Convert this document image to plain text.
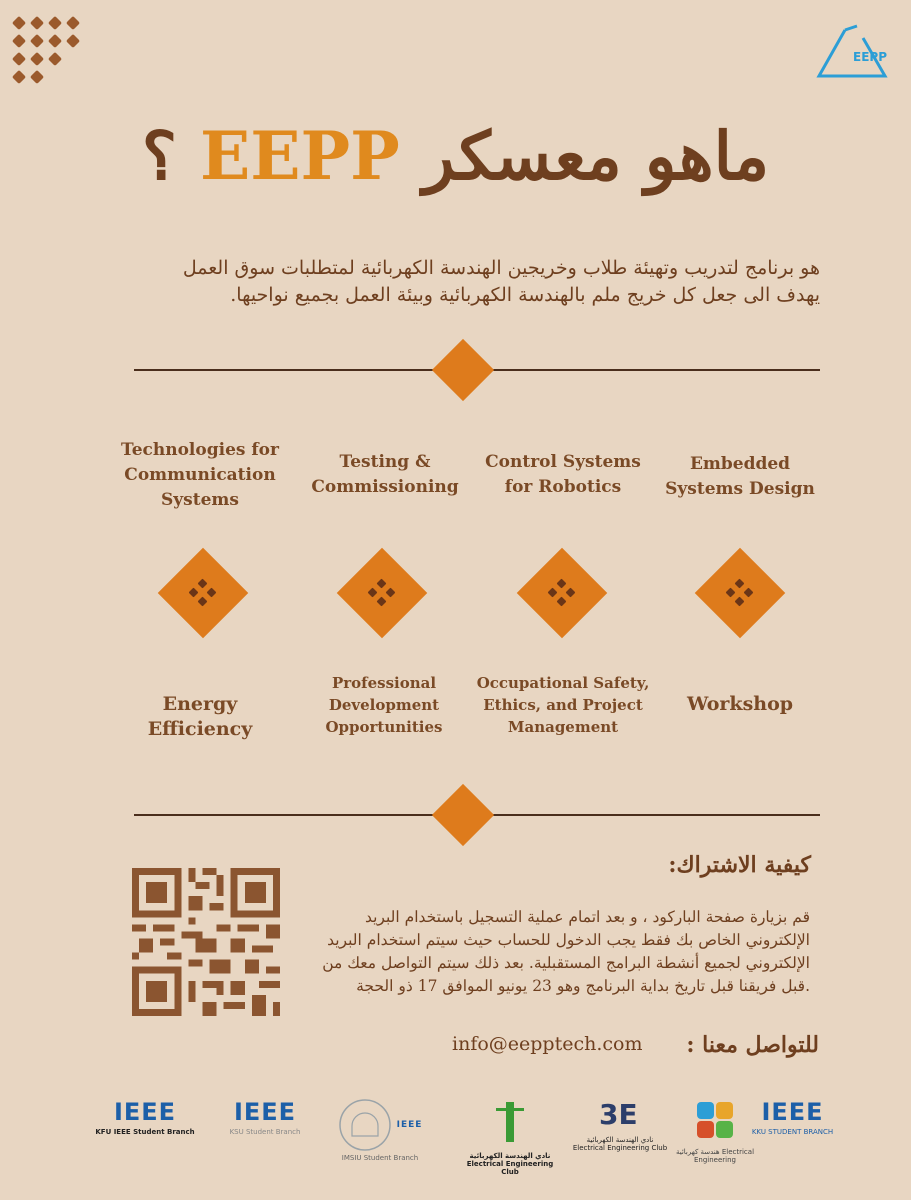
EEPP
ماهو معسكر EEPP ؟
هو برنامج لتدريب وتهيئة طلاب وخريجين الهندسة الكهربائية لمتطلبات سوق العمل
يهدف الى جعل كل خريج ملم بالهندسة الكهربائية وبيئة العمل بجميع نواحيها.
Technologies for Communication Systems
Testing & Commissioning
Control Systems for Robotics
Embedded Systems Design
Energy Efficiency
Professional Development Opportunities
Occupational Safety, Ethics, and Project Management
Workshop
كيفية الاشتراك:
قم بزيارة صفحة الباركود ، و بعد اتمام عملية التسجيل باستخدام البريد
الإلكتروني الخاص بك فقط يجب الدخول للحساب حيث سيتم استخدام البريد
الإلكتروني لجميع أنشطة البرامج المستقبلية. بعد ذلك سيتم التواصل معك من
.قبل فريقنا قبل تاريخ بداية البرنامج وهو 23 يونيو الموافق 17 ذو الحجة
للتواصل معنا :
info@eepptech.com
IEEE
KFU IEEE Student Branch
IEEE
KSU Student Branch
IEEE
IMSIU Student Branch	نادي الهندسة الكهربائية Electrical Engineering Club
3E
نادي الهندسة الكهربائية Electrical Engineering Club	هندسة كهربائية Electrical Engineering
IEEE
KKU STUDENT BRANCH
